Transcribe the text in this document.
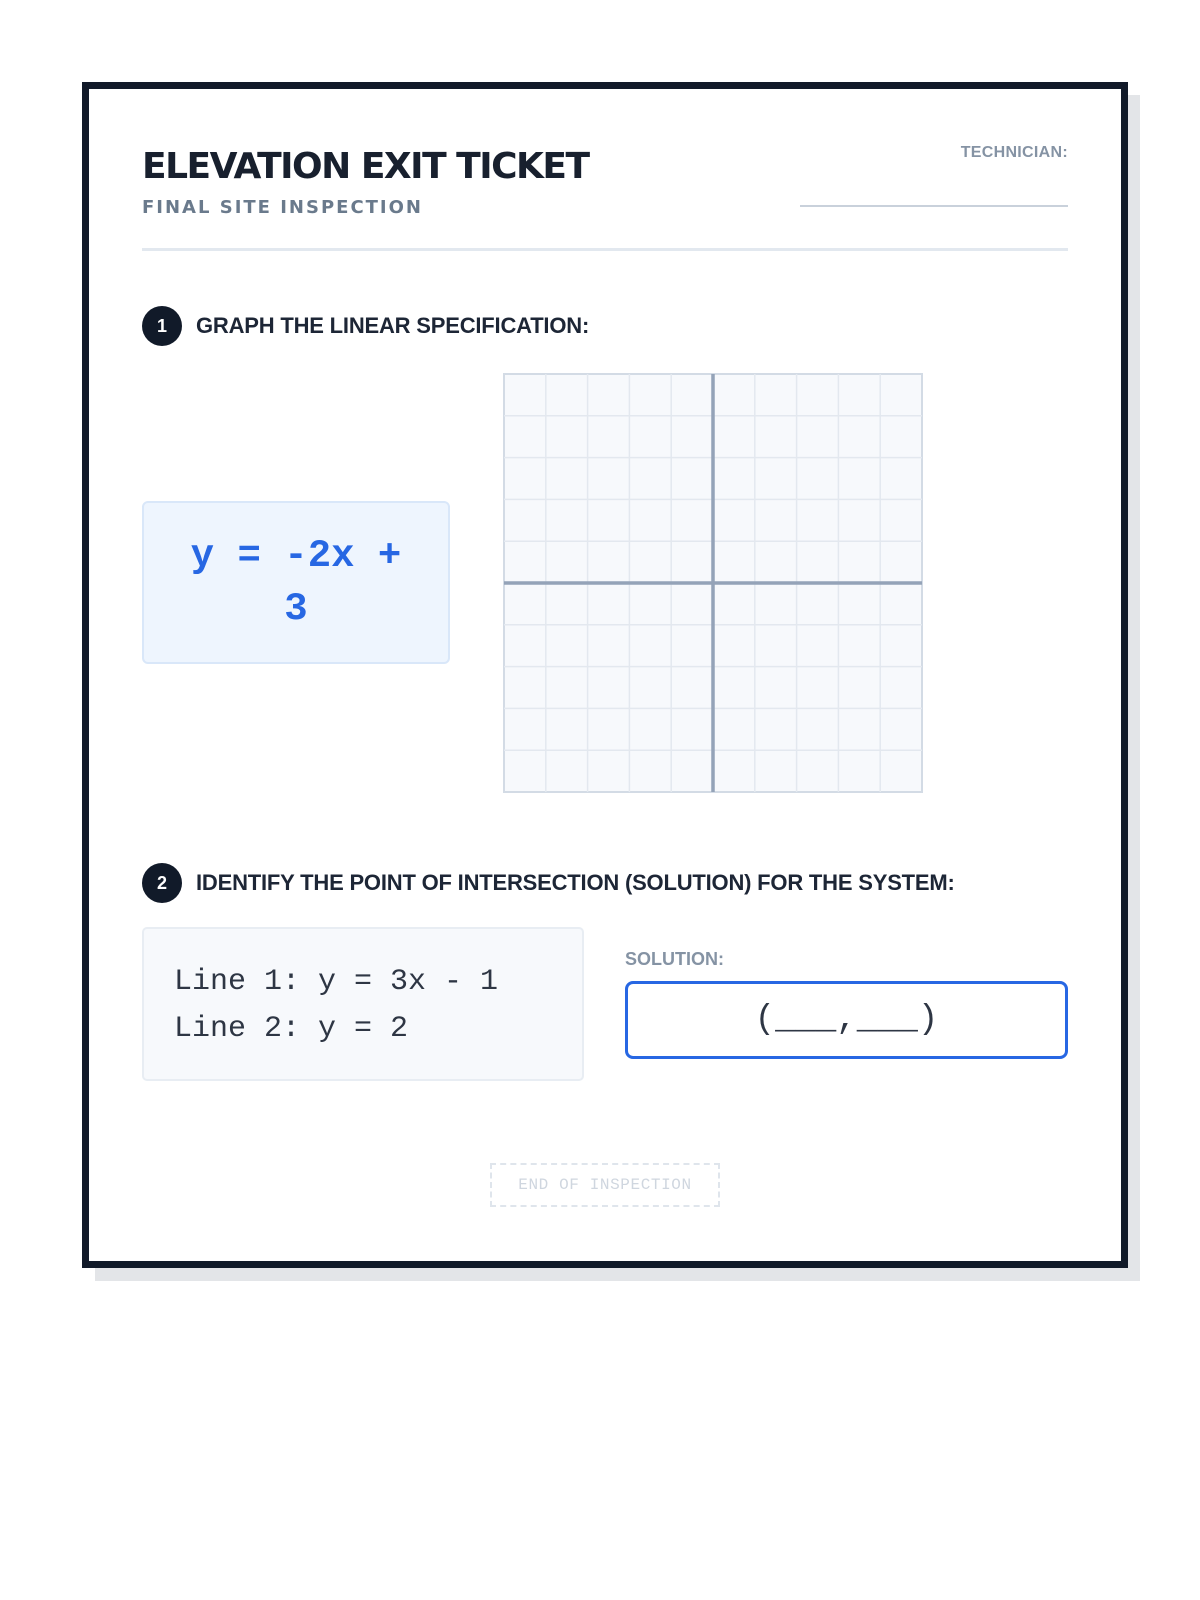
ELEVATION EXIT TICKET
FINAL SITE INSPECTION
TECHNICIAN:
1	GRAPH THE LINEAR SPECIFICATION:
y = -2x +
3
2	IDENTIFY THE POINT OF INTERSECTION (SOLUTION) FOR THE SYSTEM:
Line 1: y = 3x - 1
Line 2: y = 2
SOLUTION:
(___,___)
END OF INSPECTION
